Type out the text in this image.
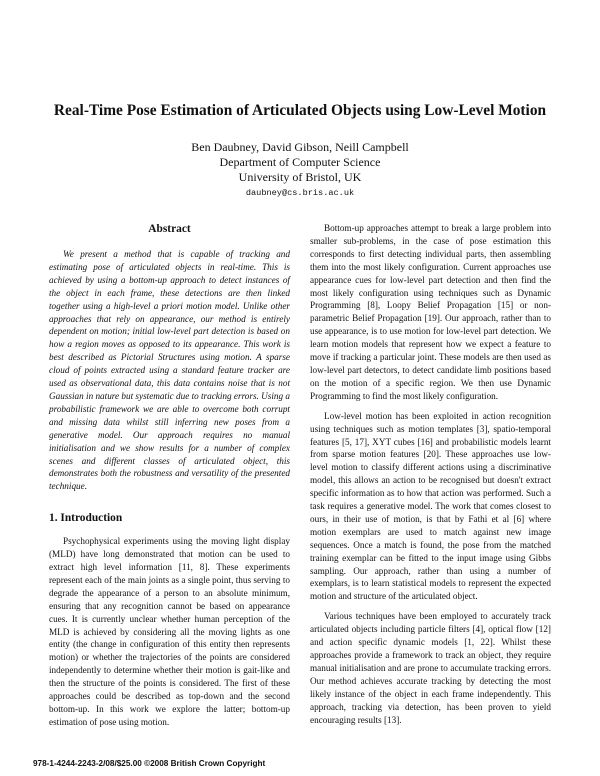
Real-Time Pose Estimation of Articulated Objects using Low-Level Motion
Ben Daubney, David Gibson, Neill Campbell
Department of Computer Science
University of Bristol, UK
daubney@cs.bris.ac.uk
Abstract

We present a method that is capable of tracking and estimating pose of articulated objects in real-time. This is achieved by using a bottom-up approach to detect instances of the object in each frame, these detections are then linked together using a high-level a priori motion model. Unlike other approaches that rely on appearance, our method is entirely dependent on motion; initial low-level part detection is based on how a region moves as opposed to its appearance. This work is best described as Pictorial Structures using motion. A sparse cloud of points extracted using a standard feature tracker are used as observational data, this data contains noise that is not Gaussian in nature but systematic due to tracking errors. Using a probabilistic framework we are able to overcome both corrupt and missing data whilst still inferring new poses from a generative model. Our approach requires no manual initialisation and we show results for a number of complex scenes and different classes of articulated object, this demonstrates both the robustness and versatility of the presented technique.

1. Introduction

Psychophysical experiments using the moving light display (MLD) have long demonstrated that motion can be used to extract high level information [11, 8]. These experiments represent each of the main joints as a single point, thus serving to degrade the appearance of a person to an absolute minimum, ensuring that any recognition cannot be based on appearance cues. It is currently unclear whether human perception of the MLD is achieved by considering all the moving lights as one entity (the change in configuration of this entity then represents motion) or whether the trajectories of the points are considered independently to determine whether their motion is gait-like and then the structure of the points is considered. The first of these approaches could be described as top-down and the second bottom-up. In this work we explore the latter; bottom-up estimation of pose using motion.

Bottom-up approaches attempt to break a large problem into smaller sub-problems, in the case of pose estimation this corresponds to first detecting individual parts, then assembling them into the most likely configuration. Current approaches use appearance cues for low-level part detection and then find the most likely configuration using techniques such as Dynamic Programming [8], Loopy Belief Propagation [15] or non-parametric Belief Propagation [19]. Our approach, rather than to use appearance, is to use motion for low-level part detection. We learn motion models that represent how we expect a feature to move if tracking a particular joint. These models are then used as low-level part detectors, to detect candidate limb positions based on the motion of a specific region. We then use Dynamic Programming to find the most likely configuration.

Low-level motion has been exploited in action recognition using techniques such as motion templates [3], spatio-temporal features [5, 17], XYT cubes [16] and probabilistic models learnt from sparse motion features [20]. These approaches use low-level motion to classify different actions using a discriminative model, this allows an action to be recognised but doesn't extract specific information as to how that action was performed. Such a task requires a generative model. The work that comes closest to ours, in their use of motion, is that by Fathi et al [6] where motion exemplars are used to match against new image sequences. Once a match is found, the pose from the matched training exemplar can be fitted to the input image using Gibbs sampling. Our approach, rather than using a number of exemplars, is to learn statistical models to represent the expected motion and structure of the articulated object.

Various techniques have been employed to accurately track articulated objects including particle filters [4], optical flow [12] and action specific dynamic models [1, 22]. Whilst these approaches provide a framework to track an object, they require manual initialisation and are prone to accumulate tracking errors. Our method achieves accurate tracking by detecting the most likely instance of the object in each frame independently. This approach, tracking via detection, has been proven to yield encouraging results [13].

978-1-4244-2243-2/08/$25.00 ©2008 British Crown Copyright
